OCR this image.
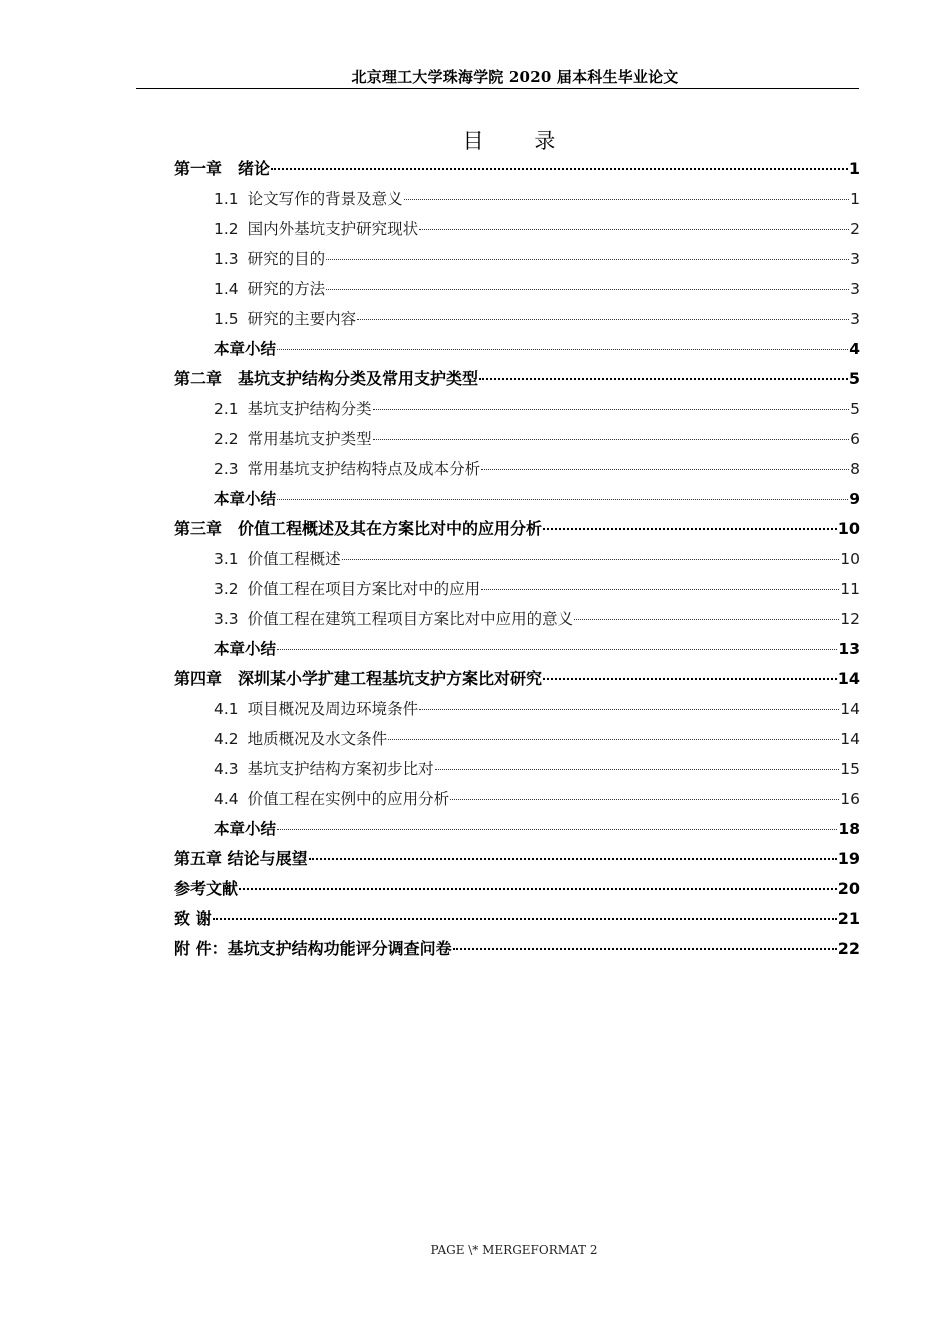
北京理工大学珠海学院 2020 届本科生毕业论文
目 录
第一章　绪论	1
1.1 论文写作的背景及意义	1
1.2 国内外基坑支护研究现状	2
1.3 研究的目的	3
1.4 研究的方法	3
1.5 研究的主要内容	3
本章小结	4
第二章　基坑支护结构分类及常用支护类型	5
2.1 基坑支护结构分类	5
2.2 常用基坑支护类型	6
2.3 常用基坑支护结构特点及成本分析	8
本章小结	9
第三章　价值工程概述及其在方案比对中的应用分析	10
3.1 价值工程概述	10
3.2 价值工程在项目方案比对中的应用	11
3.3 价值工程在建筑工程项目方案比对中应用的意义	12
本章小结	13
第四章　深圳某小学扩建工程基坑支护方案比对研究	14
4.1 项目概况及周边环境条件	14
4.2 地质概况及水文条件	14
4.3 基坑支护结构方案初步比对	15
4.4 价值工程在实例中的应用分析	16
本章小结	18
第五章 结论与展望	19
参考文献	20
致 谢	21
附 件：基坑支护结构功能评分调查问卷	22
PAGE \* MERGEFORMAT 2
